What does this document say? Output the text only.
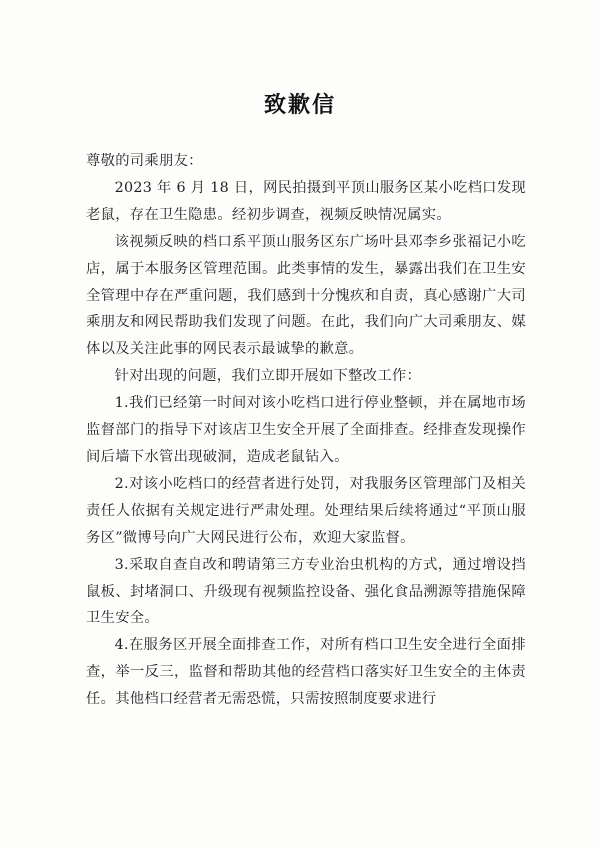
致歉信

尊敬的司乘朋友：

2023 年 6 月 18 日，网民拍摄到平顶山服务区某小吃档口发现老鼠，存在卫生隐患。经初步调查，视频反映情况属实。

该视频反映的档口系平顶山服务区东广场叶县邓李乡张福记小吃店，属于本服务区管理范围。此类事情的发生，暴露出我们在卫生安全管理中存在严重问题，我们感到十分愧疚和自责，真心感谢广大司乘朋友和网民帮助我们发现了问题。在此，我们向广大司乘朋友、媒体以及关注此事的网民表示最诚挚的歉意。

针对出现的问题，我们立即开展如下整改工作：

1.我们已经第一时间对该小吃档口进行停业整顿，并在属地市场监督部门的指导下对该店卫生安全开展了全面排查。经排查发现操作间后墙下水管出现破洞，造成老鼠钻入。

2.对该小吃档口的经营者进行处罚，对我服务区管理部门及相关责任人依据有关规定进行严肃处理。处理结果后续将通过“平顶山服务区”微博号向广大网民进行公布，欢迎大家监督。

3.采取自查自改和聘请第三方专业治虫机构的方式，通过增设挡鼠板、封堵洞口、升级现有视频监控设备、强化食品溯源等措施保障卫生安全。

4.在服务区开展全面排查工作，对所有档口卫生安全进行全面排查，举一反三，监督和帮助其他的经营档口落实好卫生安全的主体责任。其他档口经营者无需恐慌，只需按照制度要求进行
